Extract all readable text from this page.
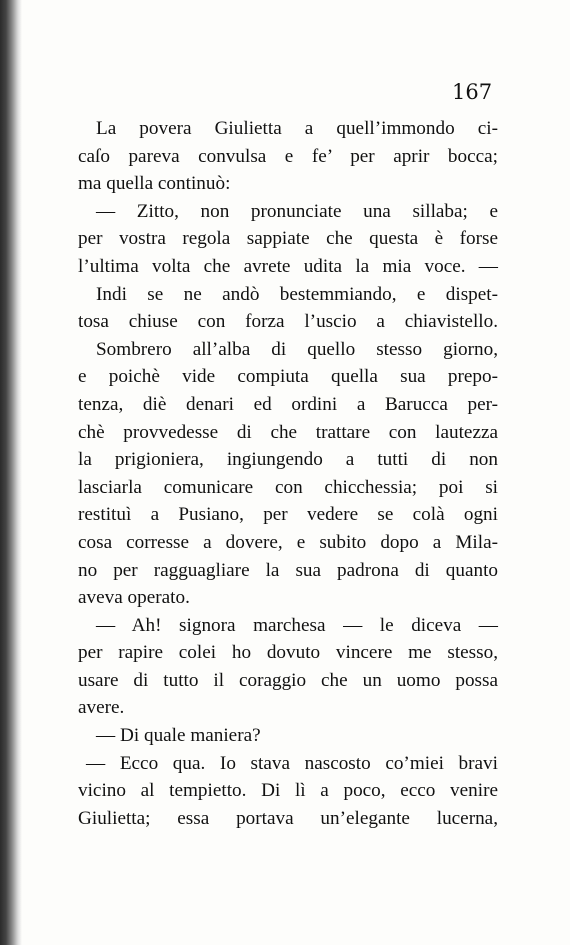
167
La povera Giulietta a quell’immondo ci-
caſo pareva convulsa e fe’ per aprir bocca;
ma quella continuò:
— Zitto, non pronunciate una sillaba; e
per vostra regola sappiate che questa è forse
l’ultima volta che avrete udita la mia voce. —
Indi se ne andò bestemmiando, e dispet-
tosa chiuse con forza l’uscio a chiavistello.
Sombrero all’alba di quello stesso giorno,
e poichè vide compiuta quella sua prepo-
tenza, diè denari ed ordini a Barucca per-
chè provvedesse di che trattare con lautezza
la prigioniera, ingiungendo a tutti di non
lasciarla comunicare con chicchessia; poi si
restituì a Pusiano, per vedere se colà ogni
cosa corresse a dovere, e subito dopo a Mila-
no per ragguagliare la sua padrona di quanto
aveva operato.
— Ah! signora marchesa — le diceva —
per rapire colei ho dovuto vincere me stesso,
usare di tutto il coraggio che un uomo possa
avere.
— Di quale maniera?
— Ecco qua. Io stava nascosto co’miei bravi
vicino al tempietto. Di lì a poco, ecco venire
Giulietta; essa portava un’elegante lucerna,
